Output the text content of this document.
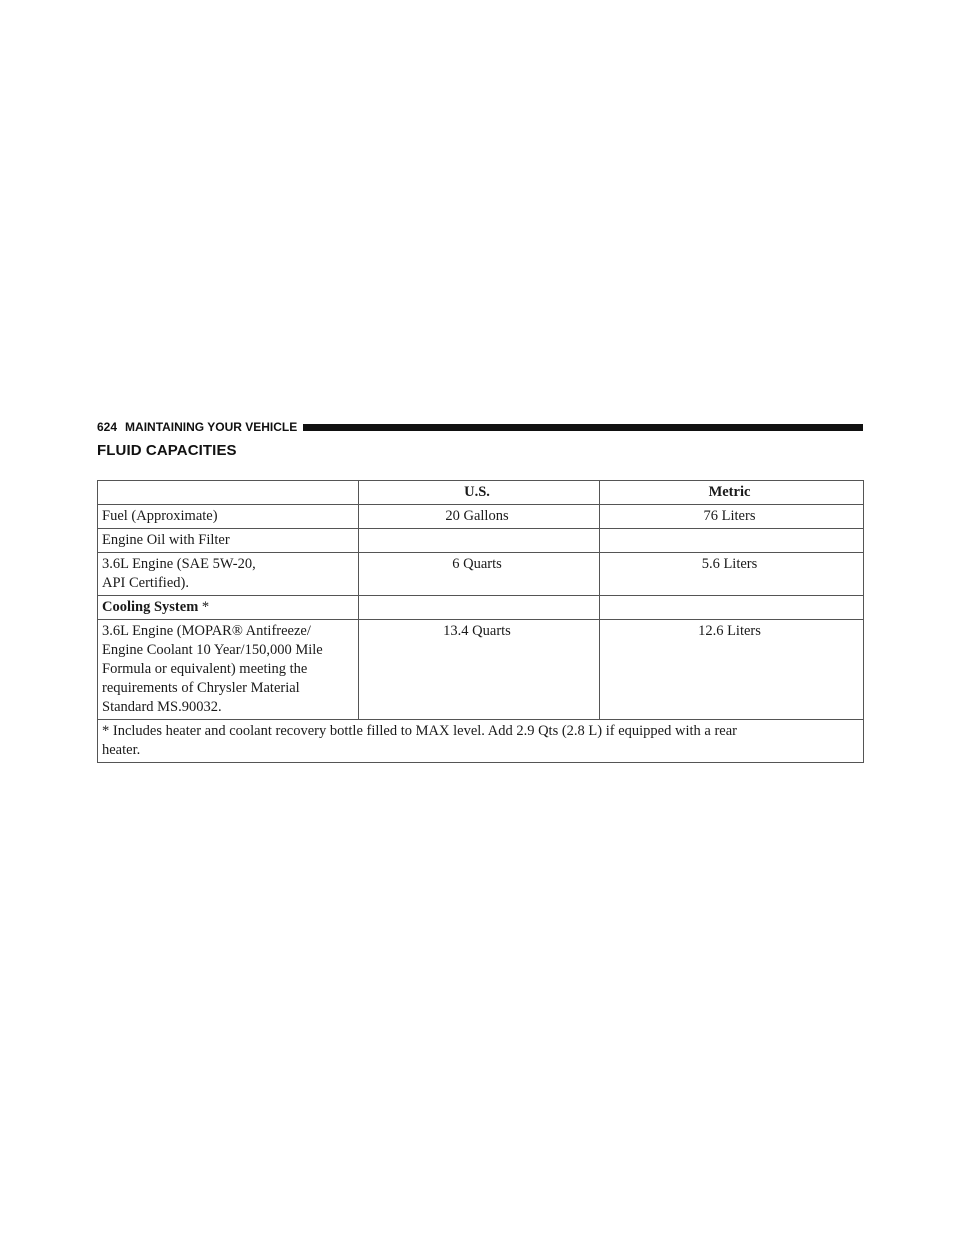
624 MAINTAINING YOUR VEHICLE
FLUID CAPACITIES
	U.S.	Metric
Fuel (Approximate)	20 Gallons	76 Liters
Engine Oil with Filter		
3.6L Engine (SAE 5W-20,
API Certified).	6 Quarts	5.6 Liters
Cooling System *		
3.6L Engine (MOPAR® Antifreeze/
Engine Coolant 10 Year/150,000 Mile
Formula or equivalent) meeting the
requirements of Chrysler Material
Standard MS.90032.	13.4 Quarts	12.6 Liters
* Includes heater and coolant recovery bottle filled to MAX level. Add 2.9 Qts (2.8 L) if equipped with a rear
heater.		
